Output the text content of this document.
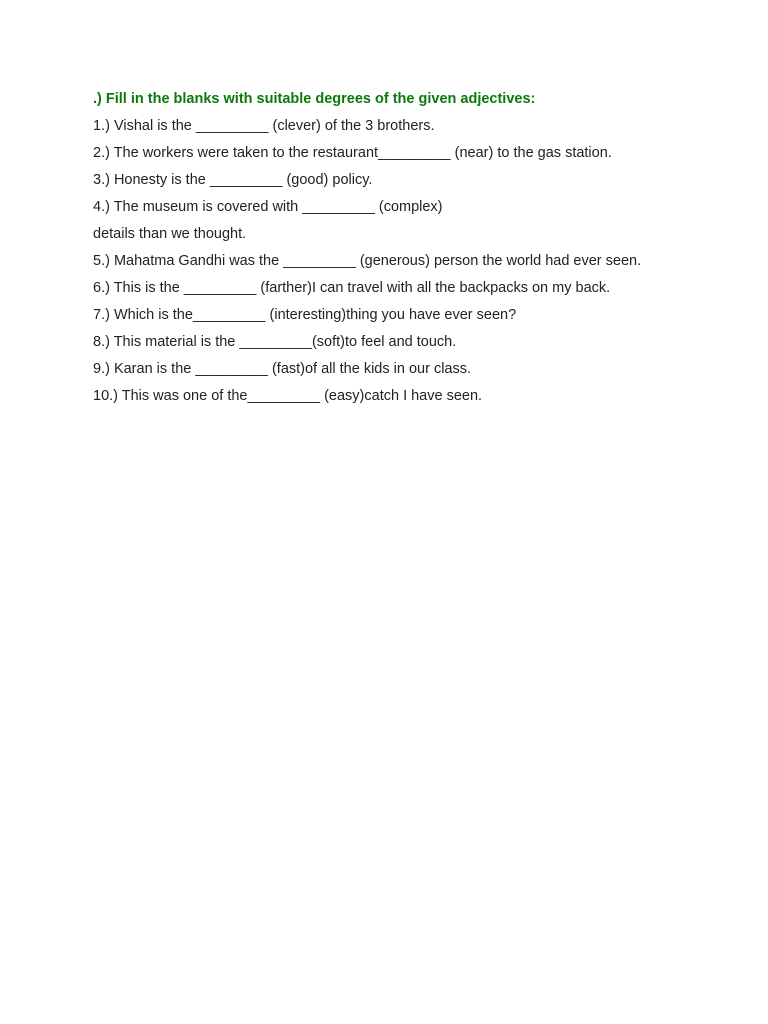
.) Fill in the blanks with suitable degrees of the given adjectives:
1.) Vishal is the _________ (clever) of the 3 brothers.
2.) The workers were taken to the restaurant_________ (near) to the gas station.
3.) Honesty is the _________ (good) policy.
4.) The museum is covered with _________ (complex)
details than we thought.
5.) Mahatma Gandhi was the _________ (generous) person the world had ever seen.
6.) This is the _________ (farther)I can travel with all the backpacks on my back.
7.) Which is the_________ (interesting)thing you have ever seen?
8.) This material is the _________(soft)to feel and touch.
9.) Karan is the _________ (fast)of all the kids in our class.
10.) This was one of the_________ (easy)catch I have seen.
